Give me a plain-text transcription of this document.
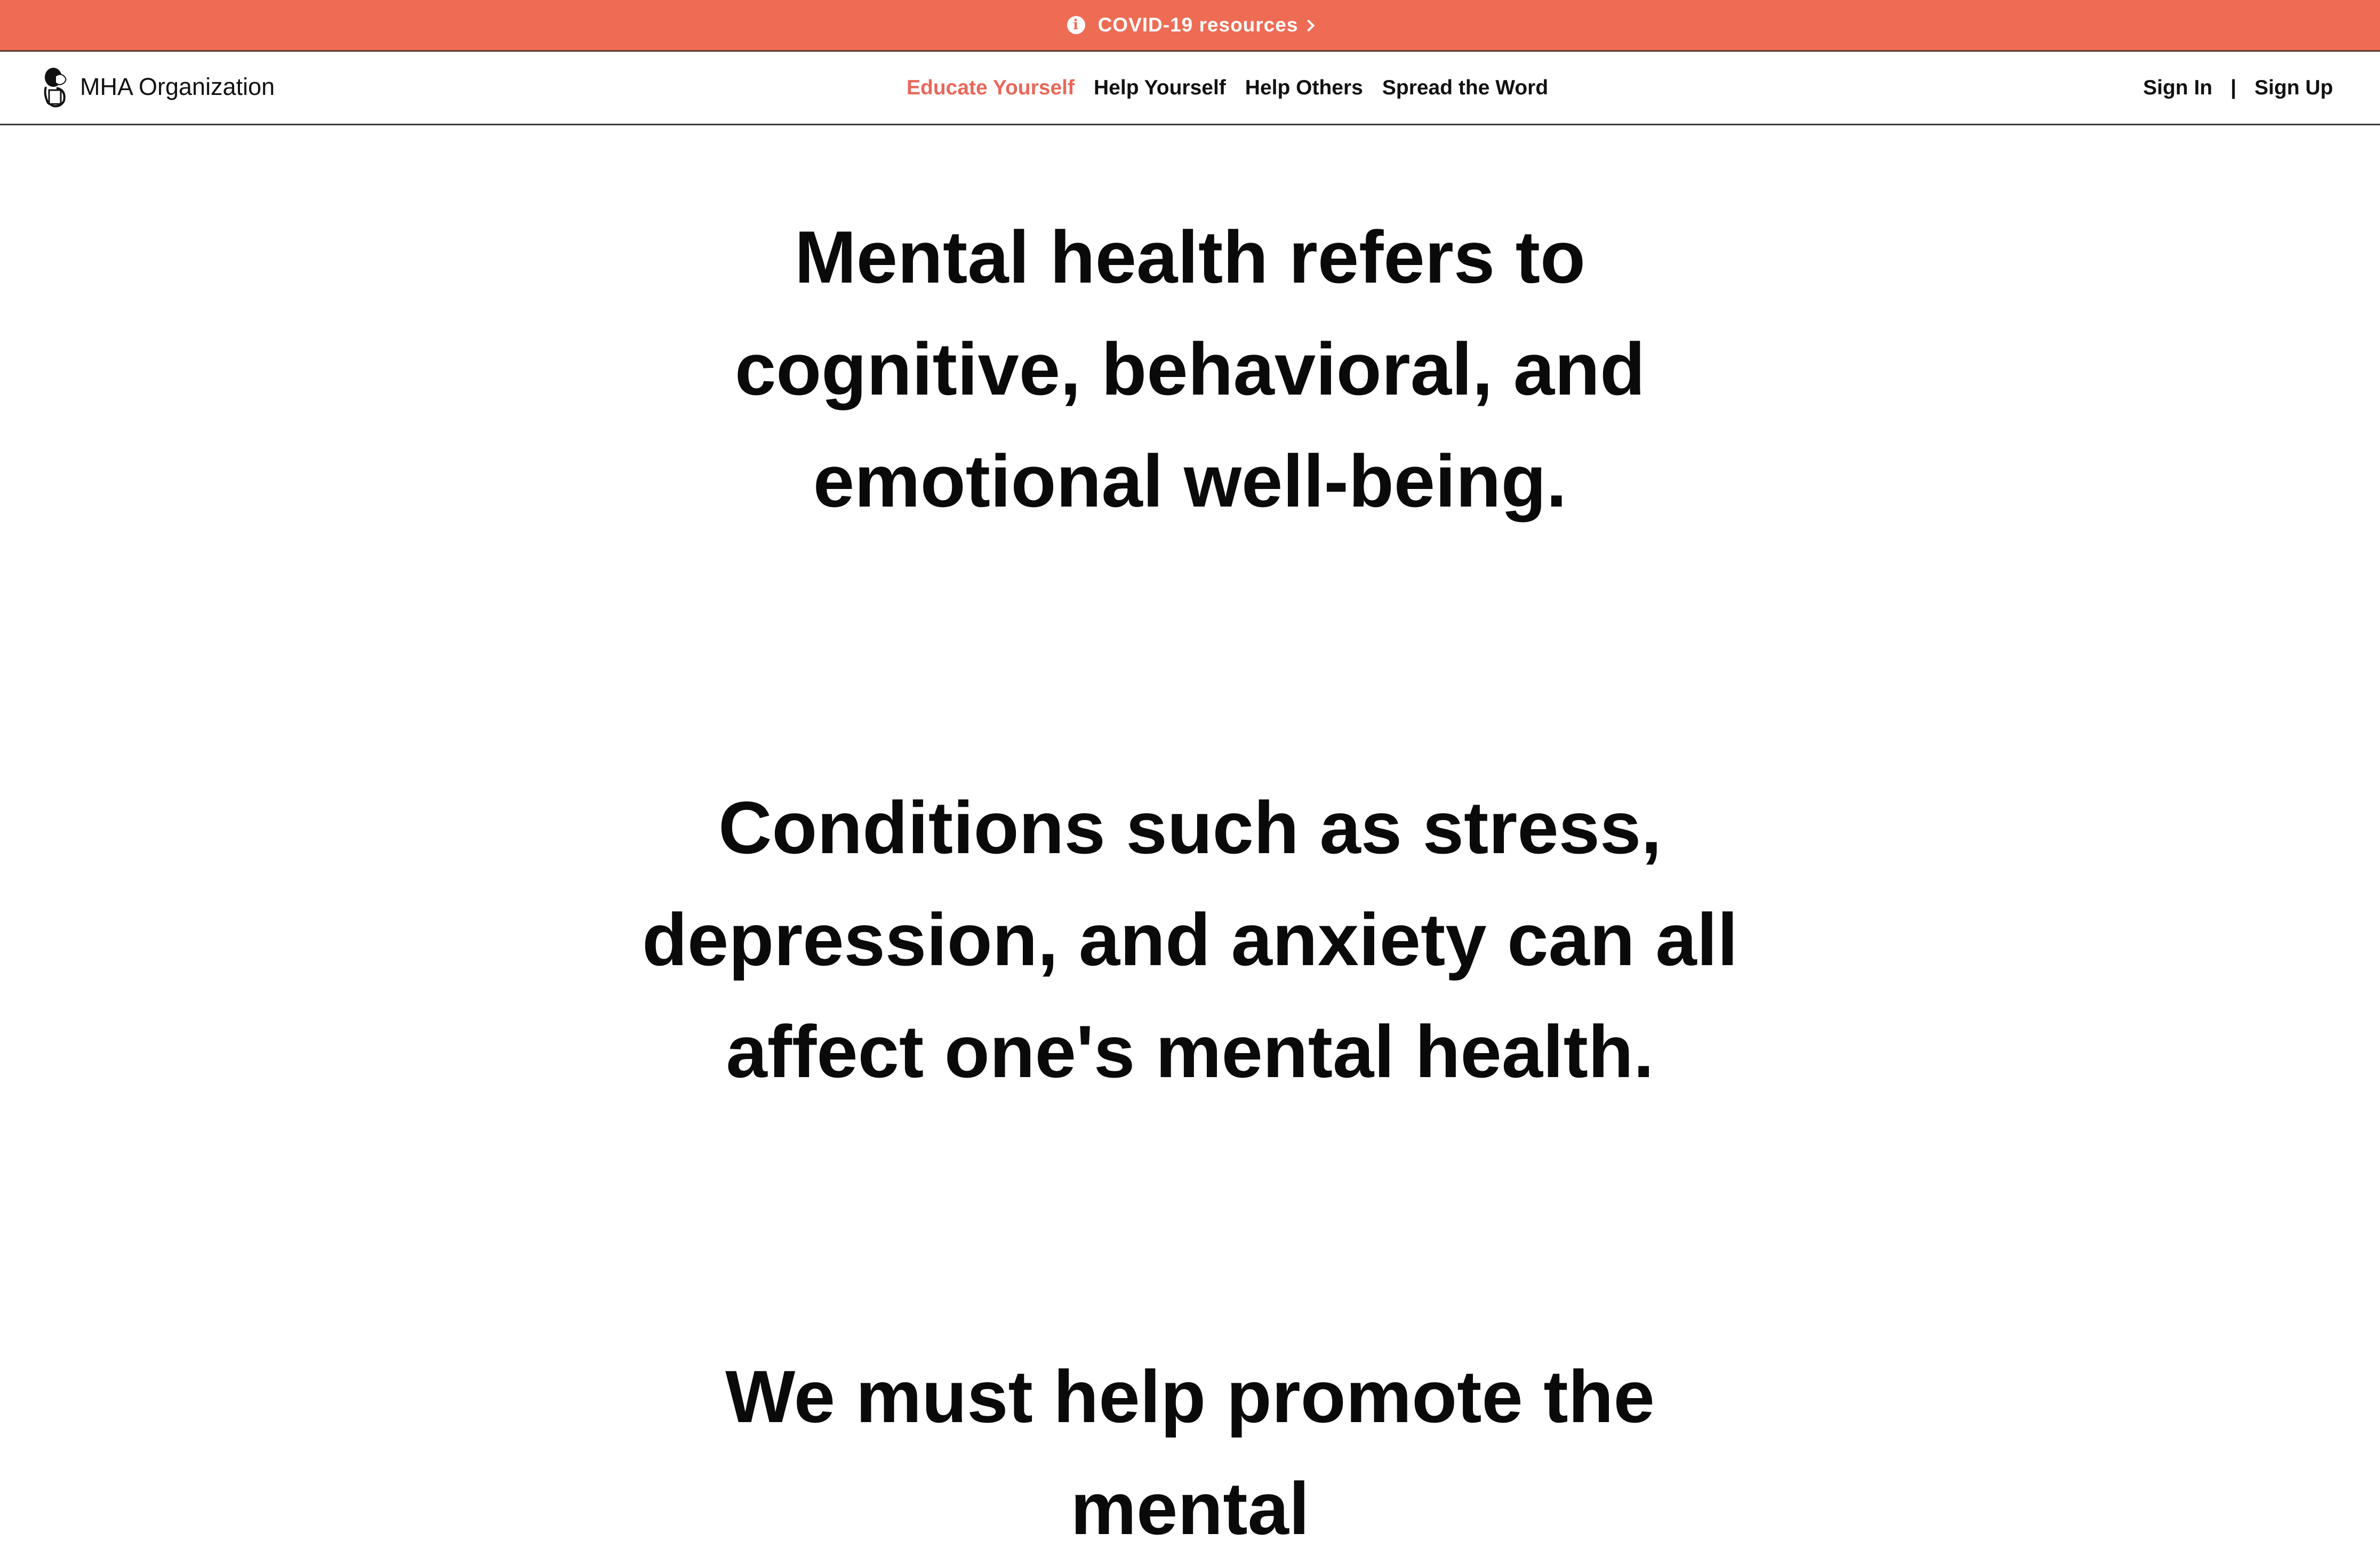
i COVID-19 resources
MHA Organization	Educate Yourself Help Yourself Help Others Spread the Word	Sign In | Sign Up
Mental health refers to cognitive, behavioral, and emotional well-being.
Conditions such as stress, depression, and anxiety can all affect one's mental health.
We must help promote the mental
